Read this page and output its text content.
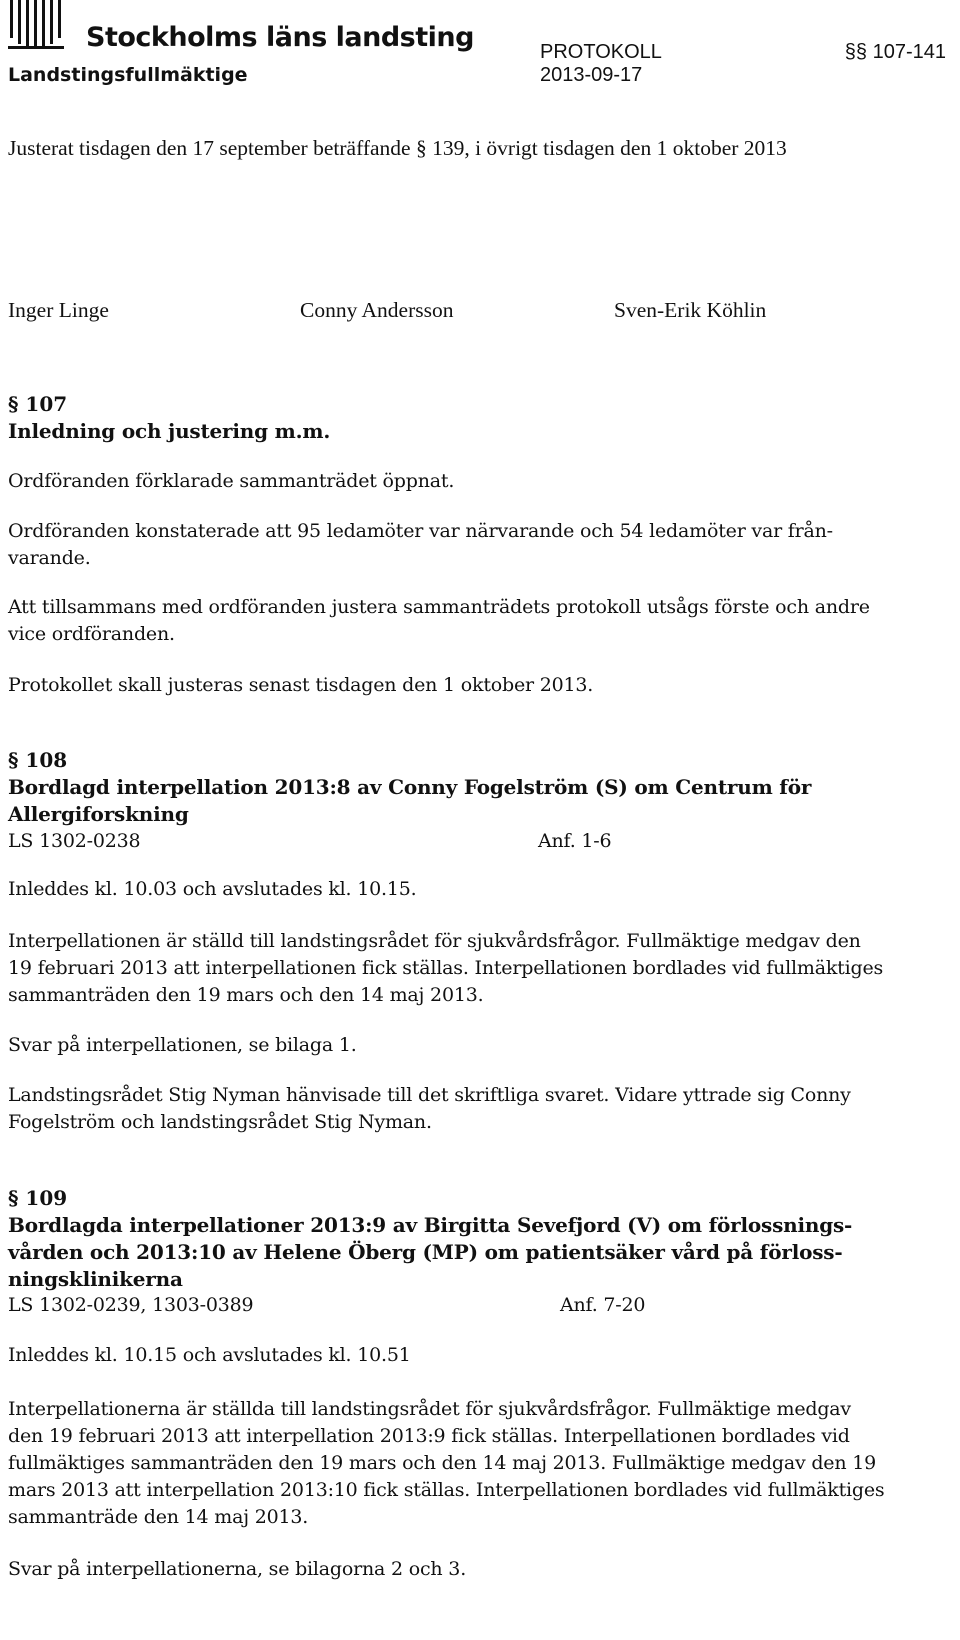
Stockholms läns landsting
Landstingsfullmäktige
PROTOKOLL
2013-09-17
§§ 107-141
Justerat tisdagen den 17 september beträffande § 139, i övrigt tisdagen den 1 oktober 2013
Inger Linge	Conny Andersson	Sven-Erik Köhlin
§ 107
Inledning och justering m.m.
Ordföranden förklarade sammanträdet öppnat.
Ordföranden konstaterade att 95 ledamöter var närvarande och 54 ledamöter var från-
varande.
Att tillsammans med ordföranden justera sammanträdets protokoll utsågs förste och andre
vice ordföranden.
Protokollet skall justeras senast tisdagen den 1 oktober 2013.
§ 108
Bordlagd interpellation 2013:8 av Conny Fogelström (S) om Centrum för
Allergiforskning
LS 1302-0238	Anf. 1-6
Inleddes kl. 10.03 och avslutades kl. 10.15.
Interpellationen är ställd till landstingsrådet för sjukvårdsfrågor. Fullmäktige medgav den
19 februari 2013 att interpellationen fick ställas. Interpellationen bordlades vid fullmäktiges
sammanträden den 19 mars och den 14 maj 2013.
Svar på interpellationen, se bilaga 1.
Landstingsrådet Stig Nyman hänvisade till det skriftliga svaret. Vidare yttrade sig Conny
Fogelström och landstingsrådet Stig Nyman.
§ 109
Bordlagda interpellationer 2013:9 av Birgitta Sevefjord (V) om förlossnings-
vården och 2013:10 av Helene Öberg (MP) om patientsäker vård på förloss-
ningsklinikerna
LS 1302-0239, 1303-0389	Anf. 7-20
Inleddes kl. 10.15 och avslutades kl. 10.51
Interpellationerna är ställda till landstingsrådet för sjukvårdsfrågor. Fullmäktige medgav
den 19 februari 2013 att interpellation 2013:9 fick ställas. Interpellationen bordlades vid
fullmäktiges sammanträden den 19 mars och den 14 maj 2013. Fullmäktige medgav den 19
mars 2013 att interpellation 2013:10 fick ställas. Interpellationen bordlades vid fullmäktiges
sammanträde den 14 maj 2013.
Svar på interpellationerna, se bilagorna 2 och 3.
